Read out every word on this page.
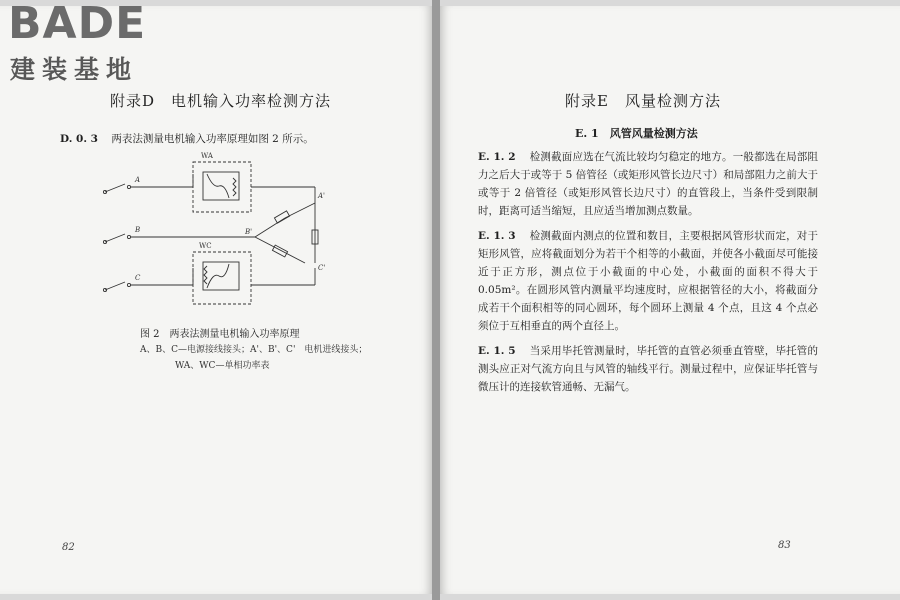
BADE
建装基地
附录D　电机输入功率检测方法
D. 0. 3 两表法测量电机输入功率原理如图 2 所示。
WA
WC
A
B
C
A'
B'
C'
图 2　两表法测量电机输入功率原理
A、B、C—电源接线接头；A'、B'、C'　电机进线接头；
WA、WC—单相功率表
82
附录E　风量检测方法
E. 1　风管风量检测方法
E. 1. 2 检测截面应选在气流比较均匀稳定的地方。一般都选在局部阻力之后大于或等于 5 倍管径（或矩形风管长边尺寸）和局部阻力之前大于或等于 2 倍管径（或矩形风管长边尺寸）的直管段上，当条件受到限制时，距离可适当缩短，且应适当增加测点数量。
E. 1. 3 检测截面内测点的位置和数目，主要根据风管形状而定，对于矩形风管，应将截面划分为若干个相等的小截面，并使各小截面尽可能接近于正方形，测点位于小截面的中心处，小截面的面积不得大于 0.05m²。在圆形风管内测量平均速度时，应根据管径的大小，将截面分成若干个面积相等的同心圆环，每个圆环上测量 4 个点，且这 4 个点必须位于互相垂直的两个直径上。
E. 1. 5 当采用毕托管测量时，毕托管的直管必须垂直管壁，毕托管的测头应正对气流方向且与风管的轴线平行。测量过程中，应保证毕托管与微压计的连接软管通畅、无漏气。
83
